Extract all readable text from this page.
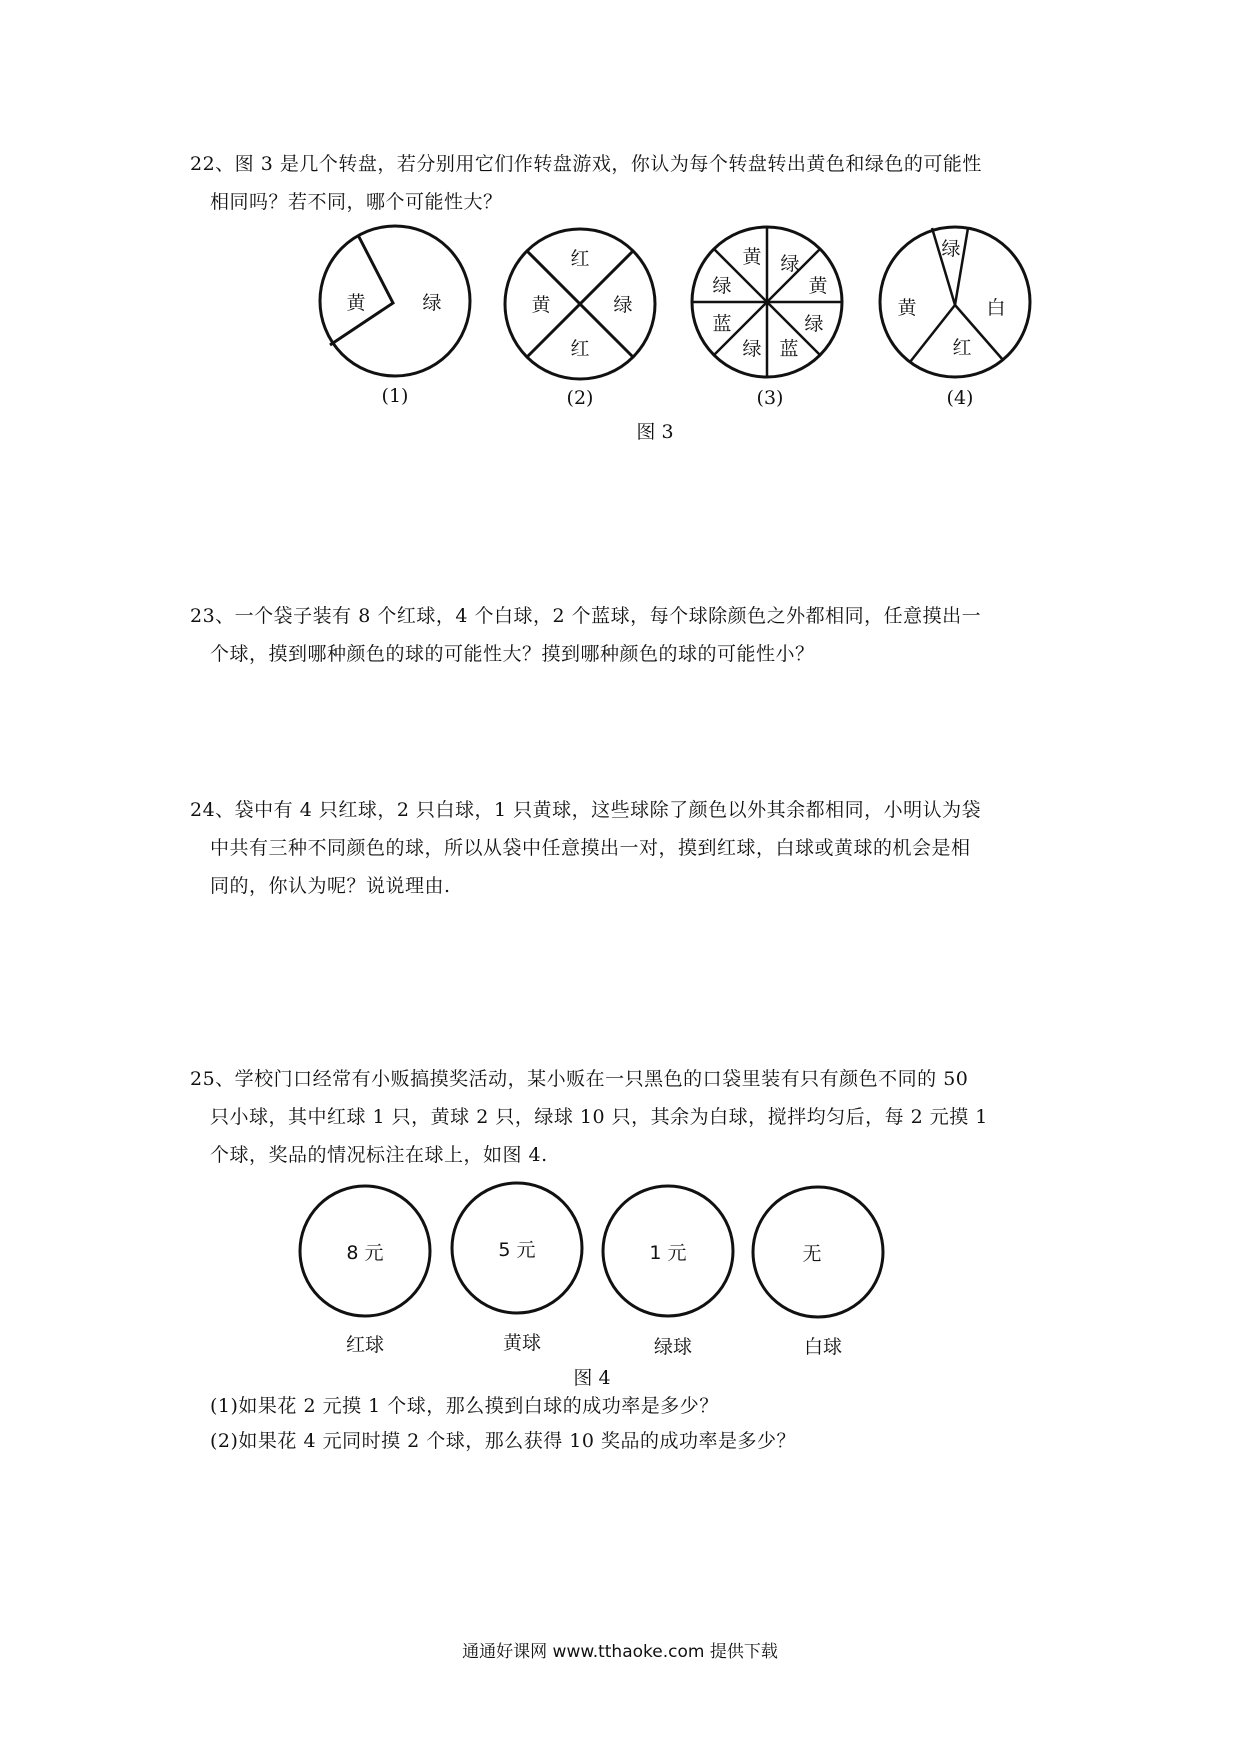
22、图 3 是几个转盘，若分别用它们作转盘游戏，你认为每个转盘转出黄色和绿色的可能性
相同吗？若不同，哪个可能性大？
黄	绿
红
黄	绿
红
黄 绿
黄
绿
蓝
绿
蓝
绿
绿
黄	白
红
(1)	(2)	(3)	(4)
图 3
23、一个袋子装有 8 个红球，4 个白球，2 个蓝球，每个球除颜色之外都相同，任意摸出一
个球，摸到哪种颜色的球的可能性大？摸到哪种颜色的球的可能性小？
24、袋中有 4 只红球，2 只白球，1 只黄球，这些球除了颜色以外其余都相同，小明认为袋
中共有三种不同颜色的球，所以从袋中任意摸出一对，摸到红球，白球或黄球的机会是相
同的，你认为呢？说说理由.
25、学校门口经常有小贩搞摸奖活动，某小贩在一只黑色的口袋里装有只有颜色不同的 50
只小球，其中红球 1 只，黄球 2 只，绿球 10 只，其余为白球，搅拌均匀后，每 2 元摸 1
个球，奖品的情况标注在球上，如图 4.
8 元	5 元	1 元	无
红球	黄球	绿球	白球
图 4
(1)如果花 2 元摸 1 个球，那么摸到白球的成功率是多少？
(2)如果花 4 元同时摸 2 个球，那么获得 10 奖品的成功率是多少？
通通好课网 www.tthaoke.com 提供下载
